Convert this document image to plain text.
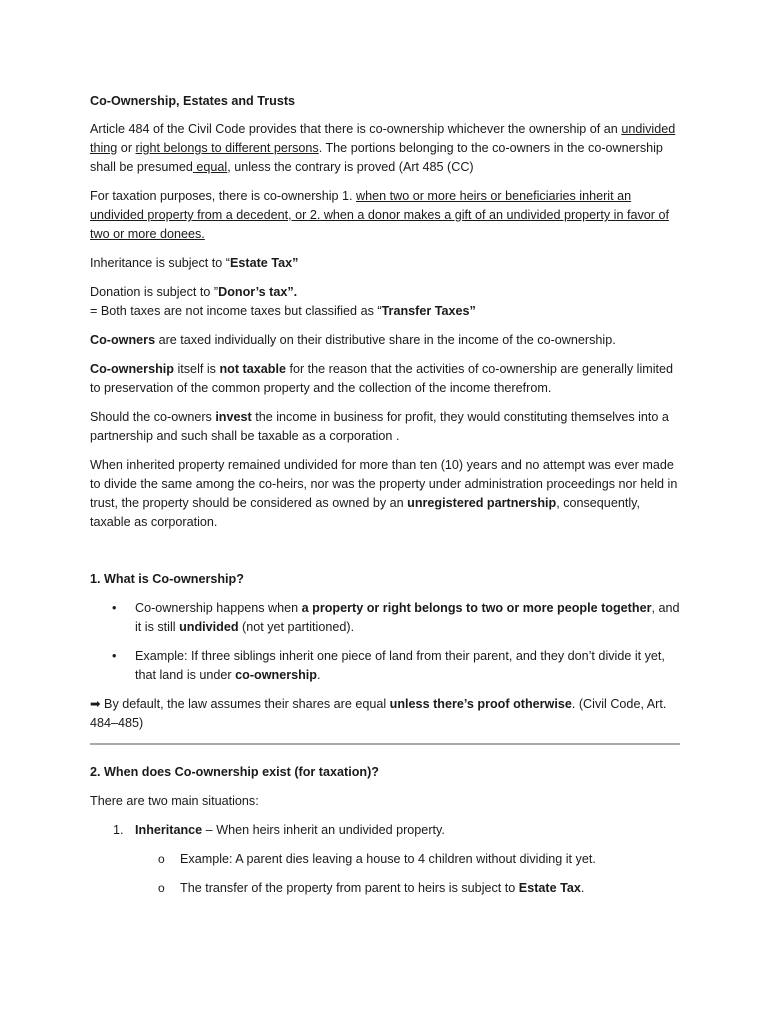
Co-Ownership, Estates and Trusts

Article 484 of the Civil Code provides that there is co-ownership whichever the ownership of an undivided thing or right belongs to different persons. The portions belonging to the co-owners in the co-ownership shall be presumed equal, unless the contrary is proved (Art 485 (CC)

For taxation purposes, there is co-ownership 1. when two or more heirs or beneficiaries inherit an undivided property from a decedent, or 2. when a donor makes a gift of an undivided property in favor of two or more donees.

Inheritance is subject to “Estate Tax”

Donation is subject to ”Donor’s tax”.

= Both taxes are not income taxes but classified as “Transfer Taxes”

Co-owners are taxed individually on their distributive share in the income of the co-ownership.

Co-ownership itself is not taxable for the reason that the activities of co-ownership are generally limited to preservation of the common property and the collection of the income therefrom.

Should the co-owners invest the income in business for profit, they would constituting themselves into a partnership and such shall be taxable as a corporation .

When inherited property remained undivided for more than ten (10) years and no attempt was ever made to divide the same among the co-heirs, nor was the property under administration proceedings nor held in trust, the property should be considered as owned by an unregistered partnership, consequently, taxable as corporation.

1. What is Co-ownership?

• Co-ownership happens when a property or right belongs to two or more people together, and it is still undivided (not yet partitioned).
• Example: If three siblings inherit one piece of land from their parent, and they don’t divide it yet, that land is under co-ownership.

➡ By default, the law assumes their shares are equal unless there’s proof otherwise. (Civil Code, Art. 484–485)

2. When does Co-ownership exist (for taxation)?

There are two main situations:

1. Inheritance – When heirs inherit an undivided property.
o Example: A parent dies leaving a house to 4 children without dividing it yet.
o The transfer of the property from parent to heirs is subject to Estate Tax.
